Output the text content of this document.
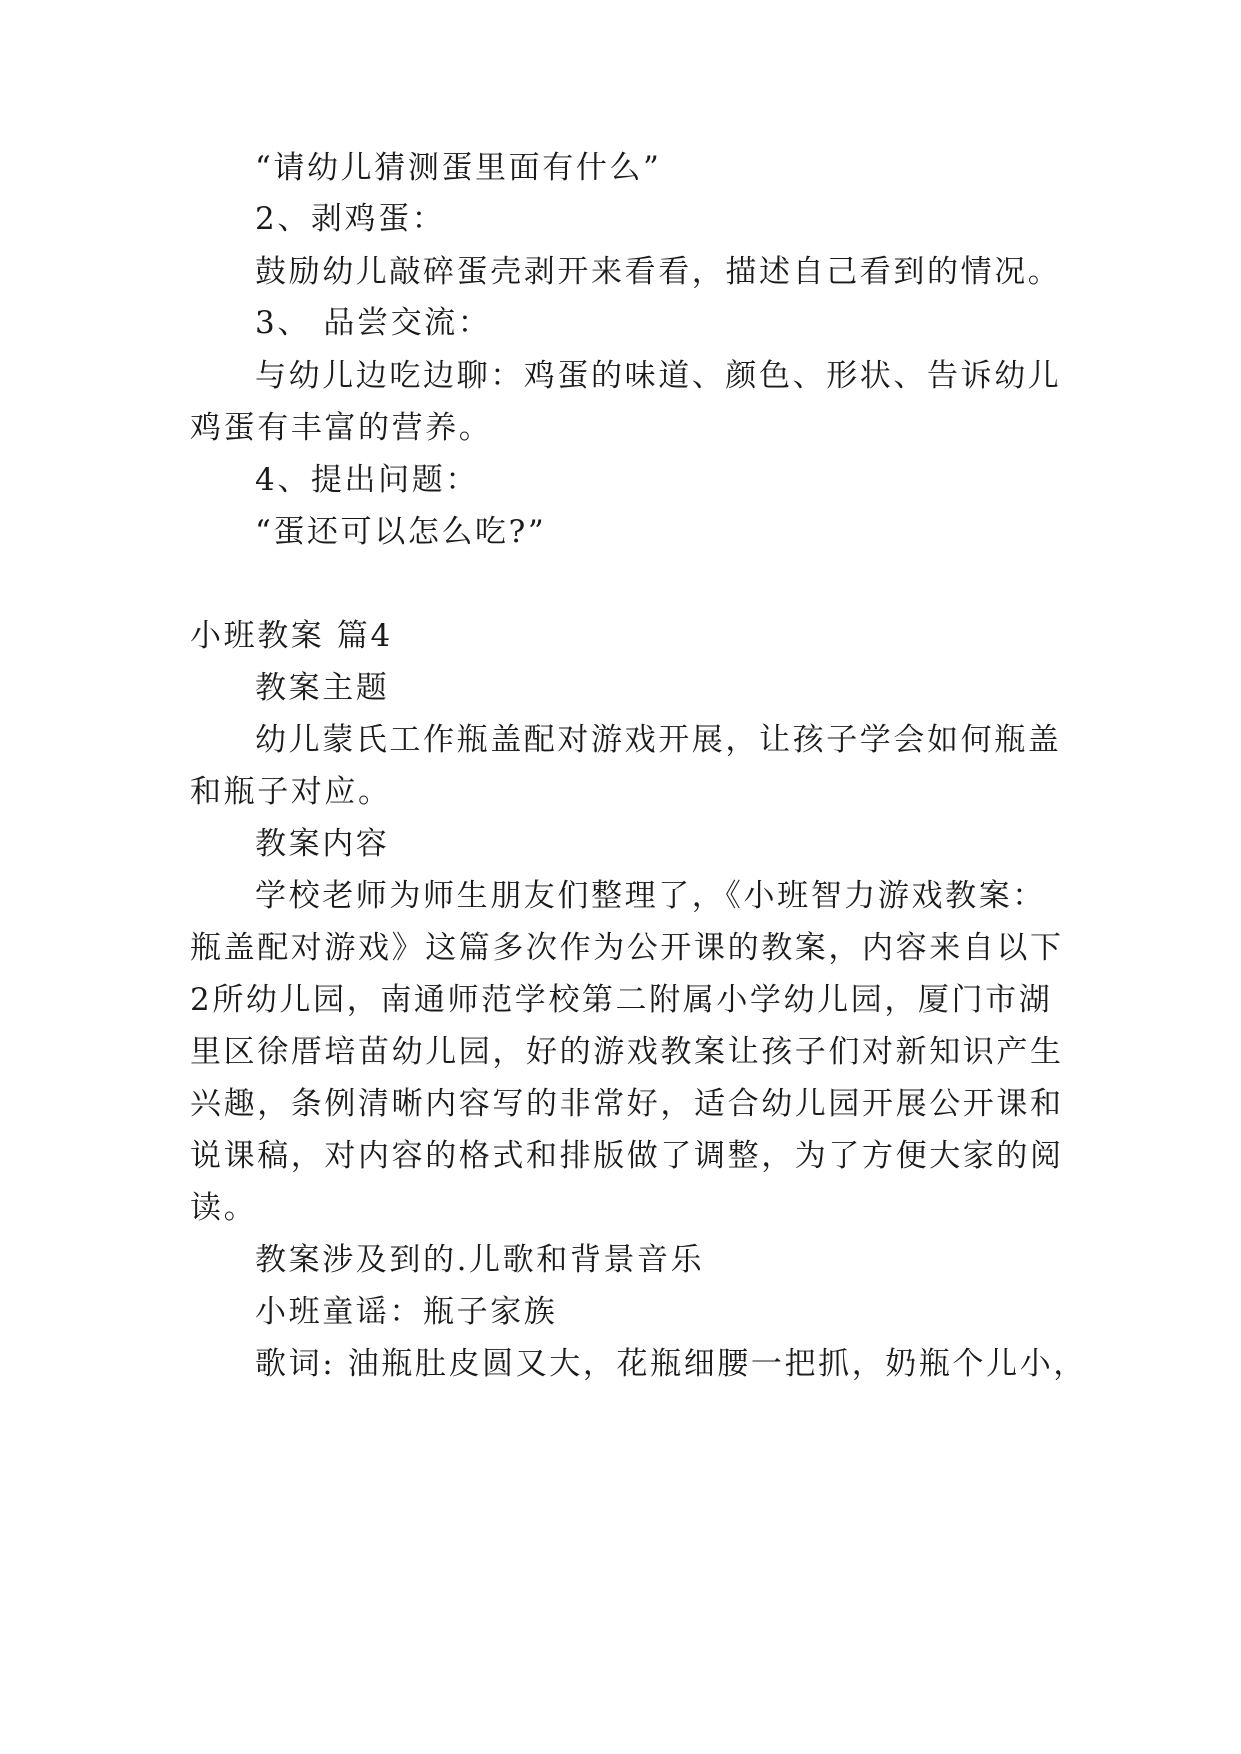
“请幼儿猜测蛋里面有什么”
2、剥鸡蛋：
鼓励幼儿敲碎蛋壳剥开来看看，描述自己看到的情况。
3、 品尝交流：
与幼儿边吃边聊：鸡蛋的味道、颜色、形状、告诉幼儿
鸡蛋有丰富的营养。
4、提出问题：
“蛋还可以怎么吃?”
小班教案 篇4
教案主题
幼儿蒙氏工作瓶盖配对游戏开展，让孩子学会如何瓶盖
和瓶子对应。
教案内容
学校老师为师生朋友们整理了，《小班智力游戏教案：
瓶盖配对游戏》这篇多次作为公开课的教案，内容来自以下
2所幼儿园，南通师范学校第二附属小学幼儿园，厦门市湖
里区徐厝培苗幼儿园，好的游戏教案让孩子们对新知识产生
兴趣，条例清晰内容写的非常好，适合幼儿园开展公开课和
说课稿，对内容的格式和排版做了调整，为了方便大家的阅
读。
教案涉及到的.儿歌和背景音乐
小班童谣：瓶子家族
歌词: 油瓶肚皮圆又大，花瓶细腰一把抓，奶瓶个儿小，
